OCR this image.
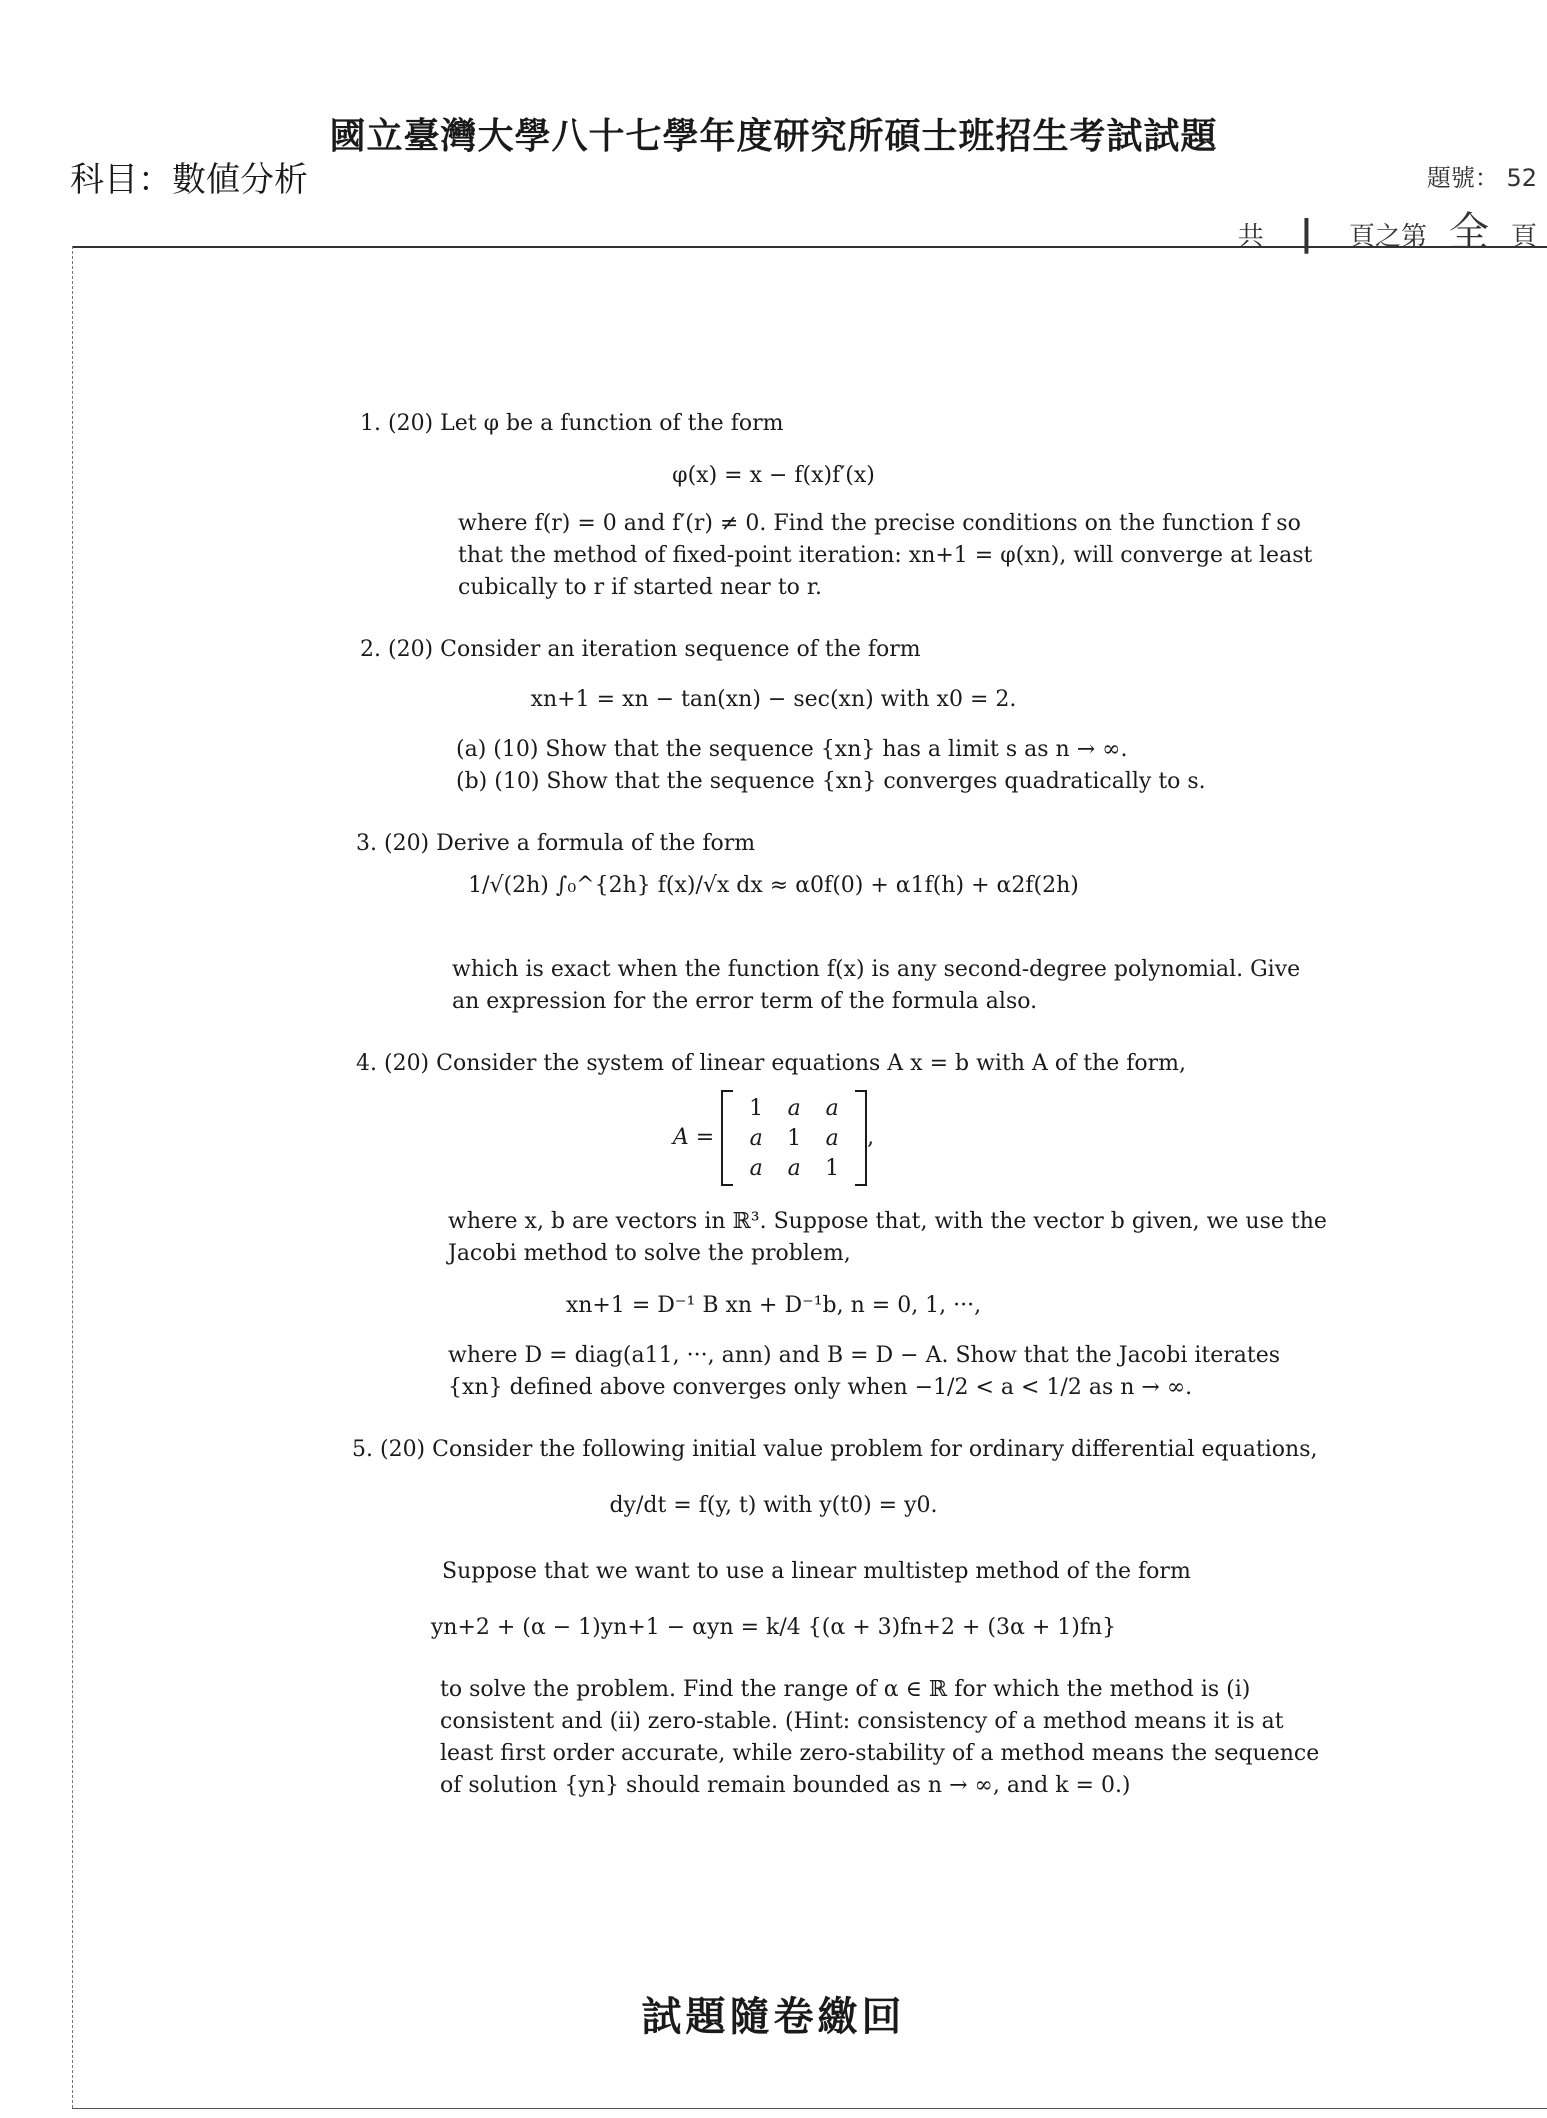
國立臺灣大學八十七學年度研究所碩士班招生考試試題
科目：數値分析	題號： 52
共 | 頁之第 全 頁
1. (20) Let φ be a function of the form
φ(x) = x − f(x)f′(x)
where f(r) = 0 and f′(r) ≠ 0. Find the precise conditions on the function f so
that the method of fixed-point iteration: xn+1 = φ(xn), will converge at least
cubically to r if started near to r.
2. (20) Consider an iteration sequence of the form
xn+1 = xn − tan(xn) − sec(xn) with x0 = 2.
(a) (10) Show that the sequence {xn} has a limit s as n → ∞.
(b) (10) Show that the sequence {xn} converges quadratically to s.
3. (20) Derive a formula of the form
1/√(2h) ∫₀^{2h} f(x)/√x dx ≈ α0f(0) + α1f(h) + α2f(2h)
which is exact when the function f(x) is any second-degree polynomial. Give
an expression for the error term of the formula also.
4. (20) Consider the system of linear equations A x = b with A of the form,
A =
1	a	a
a	1	a
a	a	1
,
where x, b are vectors in ℝ³. Suppose that, with the vector b given, we use the
Jacobi method to solve the problem,
xn+1 = D⁻¹ B xn + D⁻¹b, n = 0, 1, ···,
where D = diag(a11, ···, ann) and B = D − A. Show that the Jacobi iterates
{xn} defined above converges only when −1/2 < a < 1/2 as n → ∞.
5. (20) Consider the following initial value problem for ordinary differential equations,
dy/dt = f(y, t) with y(t0) = y0.
Suppose that we want to use a linear multistep method of the form
yn+2 + (α − 1)yn+1 − αyn = k/4 {(α + 3)fn+2 + (3α + 1)fn}
to solve the problem. Find the range of α ∈ ℝ for which the method is (i)
consistent and (ii) zero-stable. (Hint: consistency of a method means it is at
least first order accurate, while zero-stability of a method means the sequence
of solution {yn} should remain bounded as n → ∞, and k = 0.)
試題隨卷繳回
